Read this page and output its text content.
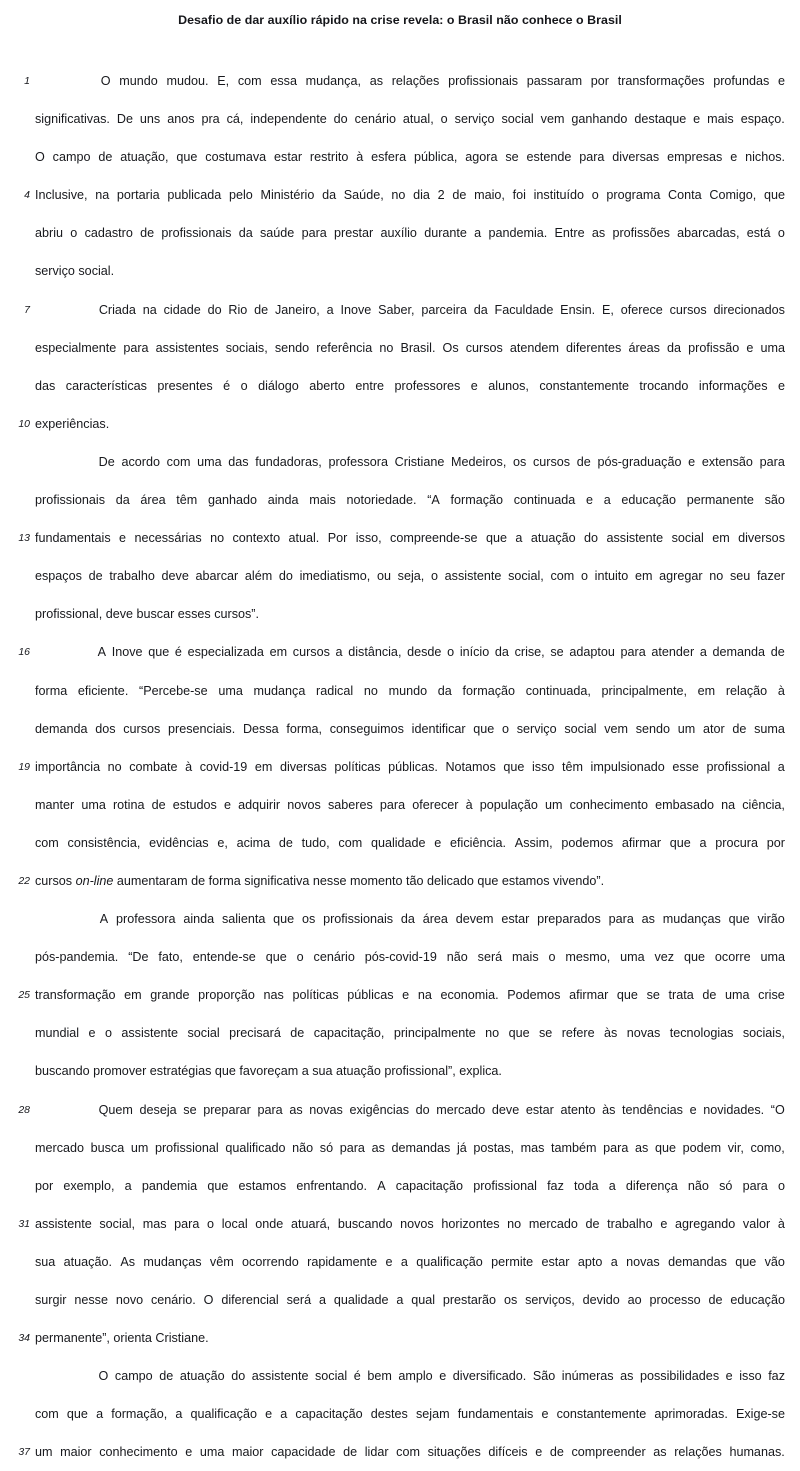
Desafio de dar auxílio rápido na crise revela: o Brasil não conhece o Brasil
1	O mundo mudou. E, com essa mudança, as relações profissionais passaram por transformações profundas e
significativas. De uns anos pra cá, independente do cenário atual, o serviço social vem ganhando destaque e mais espaço.
O campo de atuação, que costumava estar restrito à esfera pública, agora se estende para diversas empresas e nichos.
4 Inclusive, na portaria publicada pelo Ministério da Saúde, no dia 2 de maio, foi instituído o programa Conta Comigo, que
abriu o cadastro de profissionais da saúde para prestar auxílio durante a pandemia. Entre as profissões abarcadas, está o
serviço social.
7	Criada na cidade do Rio de Janeiro, a Inove Saber, parceira da Faculdade Ensin. E, oferece cursos direcionados
especialmente para assistentes sociais, sendo referência no Brasil. Os cursos atendem diferentes áreas da profissão e uma
das características presentes é o diálogo aberto entre professores e alunos, constantemente trocando informações e
10 experiências.
De acordo com uma das fundadoras, professora Cristiane Medeiros, os cursos de pós-graduação e extensão para
profissionais da área têm ganhado ainda mais notoriedade. “A formação continuada e a educação permanente são
13 fundamentais e necessárias no contexto atual. Por isso, compreende-se que a atuação do assistente social em diversos
espaços de trabalho deve abarcar além do imediatismo, ou seja, o assistente social, com o intuito em agregar no seu fazer
profissional, deve buscar esses cursos”.
16	A Inove que é especializada em cursos a distância, desde o início da crise, se adaptou para atender a demanda de
forma eficiente. “Percebe-se uma mudança radical no mundo da formação continuada, principalmente, em relação à
demanda dos cursos presenciais. Dessa forma, conseguimos identificar que o serviço social vem sendo um ator de suma
19 importância no combate à covid-19 em diversas políticas públicas. Notamos que isso têm impulsionado esse profissional a
manter uma rotina de estudos e adquirir novos saberes para oferecer à população um conhecimento embasado na ciência,
com consistência, evidências e, acima de tudo, com qualidade e eficiência. Assim, podemos afirmar que a procura por
22 cursos on-line aumentaram de forma significativa nesse momento tão delicado que estamos vivendo”.
A professora ainda salienta que os profissionais da área devem estar preparados para as mudanças que virão
pós-pandemia. “De fato, entende-se que o cenário pós-covid-19 não será mais o mesmo, uma vez que ocorre uma
25 transformação em grande proporção nas políticas públicas e na economia. Podemos afirmar que se trata de uma crise
mundial e o assistente social precisará de capacitação, principalmente no que se refere às novas tecnologias sociais,
buscando promover estratégias que favoreçam a sua atuação profissional”, explica.
28	Quem deseja se preparar para as novas exigências do mercado deve estar atento às tendências e novidades. “O
mercado busca um profissional qualificado não só para as demandas já postas, mas também para as que podem vir, como,
por exemplo, a pandemia que estamos enfrentando. A capacitação profissional faz toda a diferença não só para o
31 assistente social, mas para o local onde atuará, buscando novos horizontes no mercado de trabalho e agregando valor à
sua atuação. As mudanças vêm ocorrendo rapidamente e a qualificação permite estar apto a novas demandas que vão
surgir nesse novo cenário. O diferencial será a qualidade a qual prestarão os serviços, devido ao processo de educação
34 permanente”, orienta Cristiane.
O campo de atuação do assistente social é bem amplo e diversificado. São inúmeras as possibilidades e isso faz
com que a formação, a qualificação e a capacitação destes sejam fundamentais e constantemente aprimoradas. Exige-se
37 um maior conhecimento e uma maior capacidade de lidar com situações difíceis e de compreender as relações humanas.
